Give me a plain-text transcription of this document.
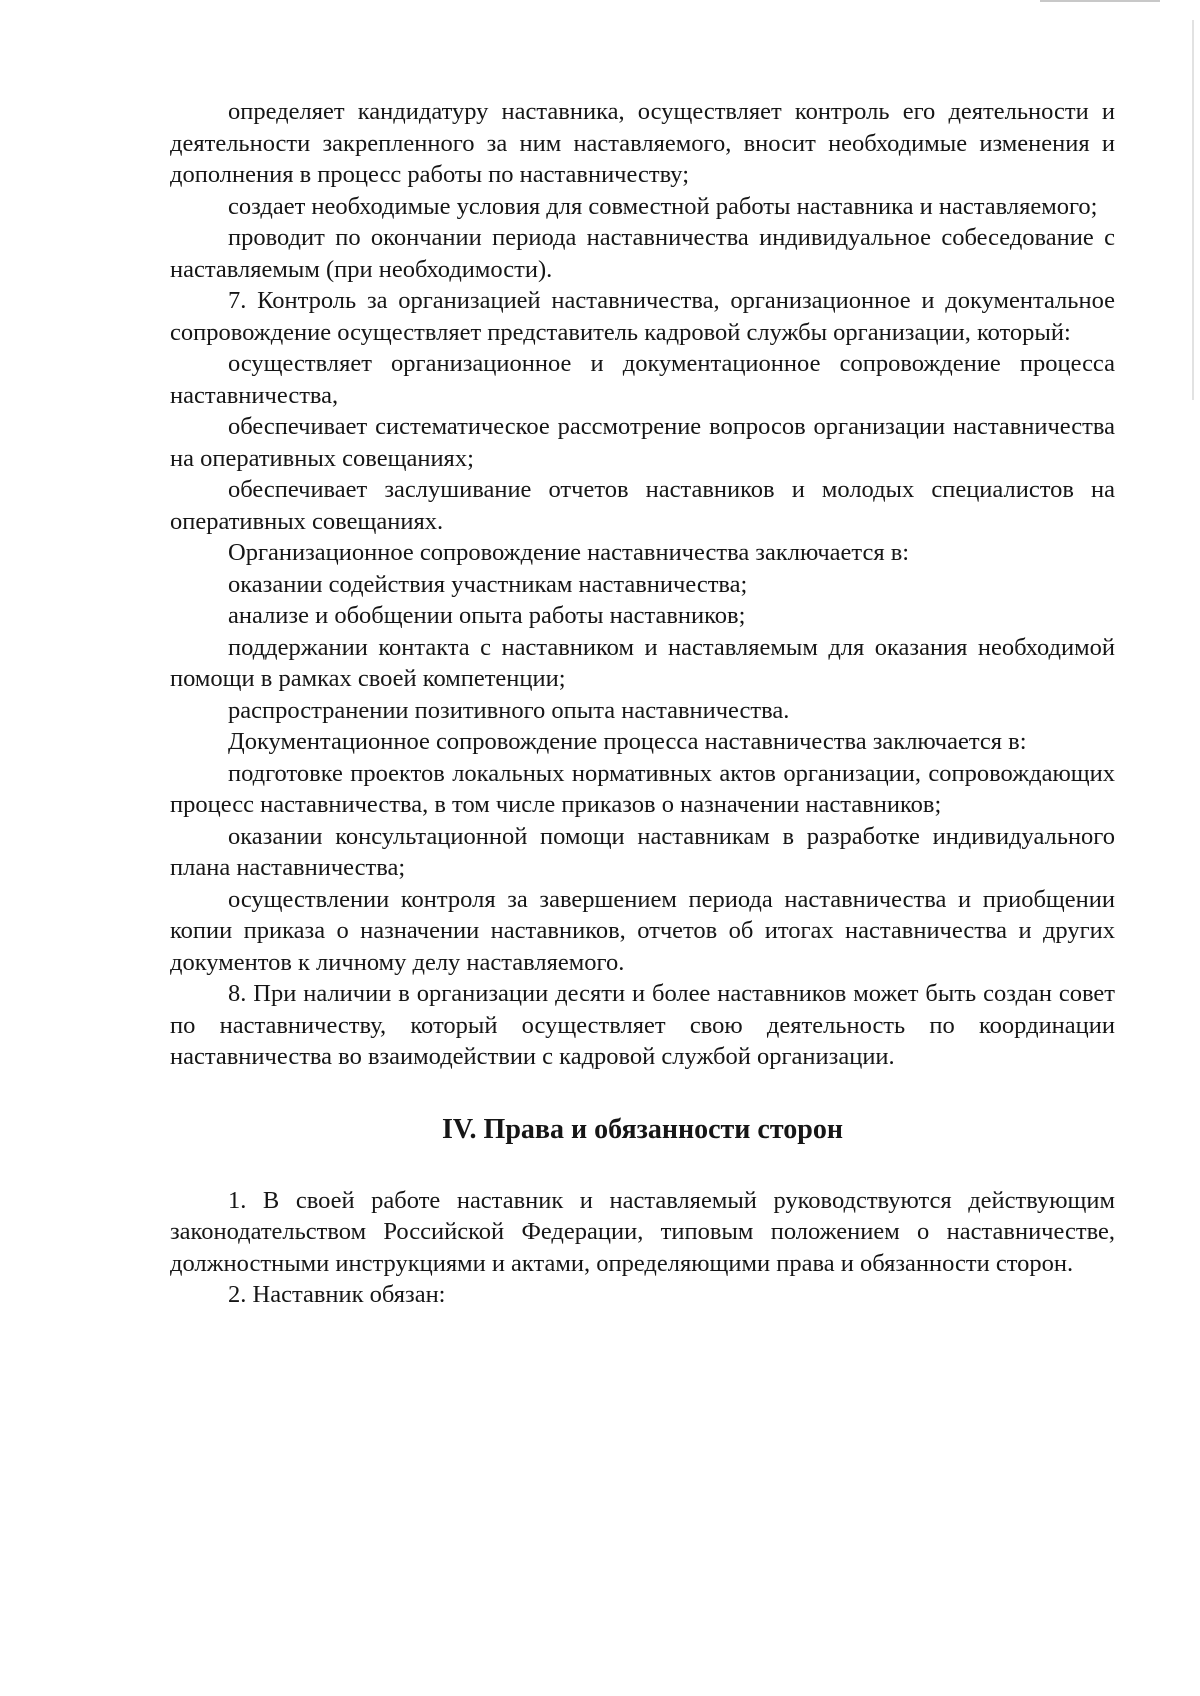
определяет кандидатуру наставника, осуществляет контроль его деятельности и деятельности закрепленного за ним наставляемого, вносит необходимые изменения и дополнения в процесс работы по наставничеству;

создает необходимые условия для совместной работы наставника и наставляемого;

проводит по окончании периода наставничества индивидуальное собеседование с наставляемым (при необходимости).

7. Контроль за организацией наставничества, организационное и документальное сопровождение осуществляет представитель кадровой службы организации, который:

осуществляет организационное и документационное сопровождение процесса наставничества,

обеспечивает систематическое рассмотрение вопросов организации наставничества на оперативных совещаниях;

обеспечивает заслушивание отчетов наставников и молодых специалистов на оперативных совещаниях.

Организационное сопровождение наставничества заключается в:

оказании содействия участникам наставничества;

анализе и обобщении опыта работы наставников;

поддержании контакта с наставником и наставляемым для оказания необходимой помощи в рамках своей компетенции;

распространении позитивного опыта наставничества.

Документационное сопровождение процесса наставничества заключается в:

подготовке проектов локальных нормативных актов организации, сопровождающих процесс наставничества, в том числе приказов о назначении наставников;

оказании консультационной помощи наставникам в разработке индивидуального плана наставничества;

осуществлении контроля за завершением периода наставничества и приобщении копии приказа о назначении наставников, отчетов об итогах наставничества и других документов к личному делу наставляемого.

8. При наличии в организации десяти и более наставников может быть создан совет по наставничеству, который осуществляет свою деятельность по координации наставничества во взаимодействии с кадровой службой организации.

IV. Права и обязанности сторон

1. В своей работе наставник и наставляемый руководствуются действующим законодательством Российской Федерации, типовым положением о наставничестве, должностными инструкциями и актами, определяющими права и обязанности сторон.

2. Наставник обязан:
